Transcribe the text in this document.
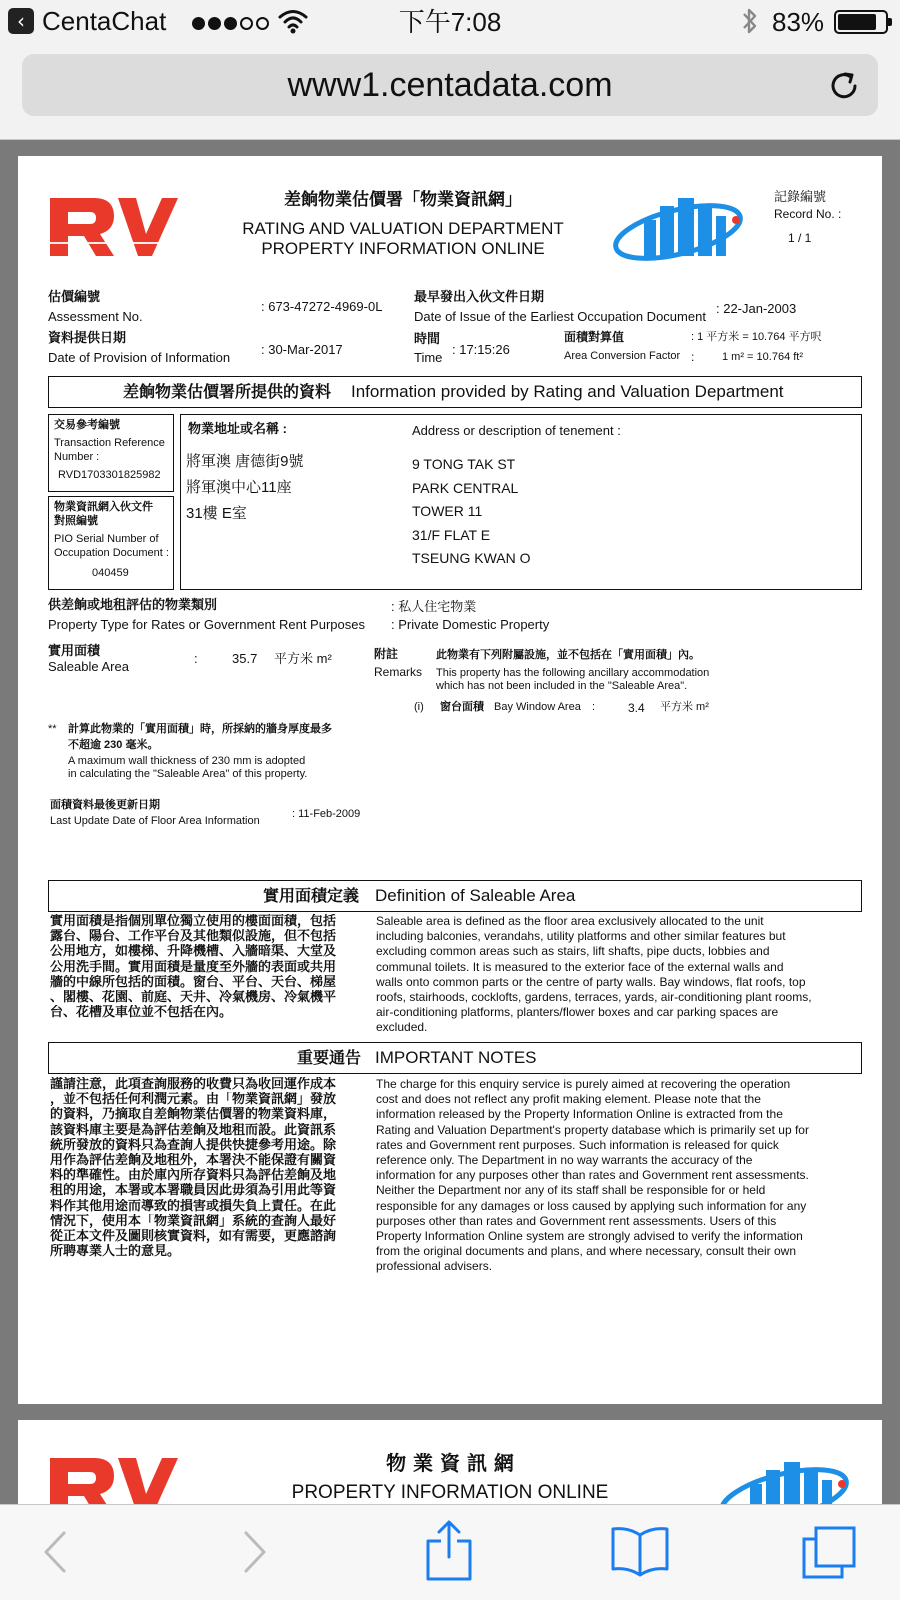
‹ CentaChat	下午7:08	83%
www1.centadata.com
差餉物業估價署「物業資訊網」
RATING AND VALUATION DEPARTMENT
PROPERTY INFORMATION ONLINE
記錄編號
Record No. :
1 / 1
估價編號
Assessment No.
: 673-47272-4969-0L
最早發出入伙文件日期
Date of Issue of the Earliest Occupation Document
: 22-Jan-2003
資料提供日期
Date of Provision of Information
: 30-Mar-2017
時間
Time
: 17:15:26
面積對算值
Area Conversion Factor :
: 1 平方米 = 10.764 平方呎
1 m² = 10.764 ft²
差餉物業估價署所提供的資料 Information provided by Rating and Valuation Department
交易參考編號
Transaction Reference
Number :
RVD1703301825982
物業資訊網入伙文件
對照編號
PIO Serial Number of
Occupation Document :
040459
物業地址或名稱 :	Address or description of tenement :
將軍澳 唐德街9號
將軍澳中心11座
31樓 E室
9 TONG TAK ST
PARK CENTRAL
TOWER 11
31/F FLAT E
TSEUNG KWAN O
供差餉或地租評估的物業類別
Property Type for Rates or Government Rent Purposes
: 私人住宅物業
: Private Domestic Property
實用面積
Saleable Area
:	35.7 平方米 m²	附註
Remarks
此物業有下列附屬設施，並不包括在「實用面積」內。
This property has the following ancillary accommodation
which has not been included in the "Saleable Area".
(i) 窗台面積 Bay Window Area :	3.4 平方米 m²
** 計算此物業的「實用面積」時，所採納的牆身厚度最多
不超逾 230 毫米。
A maximum wall thickness of 230 mm is adopted
in calculating the "Saleable Area" of this property.
面積資料最後更新日期
Last Update Date of Floor Area Information
: 11-Feb-2009
實用面積定義 Definition of Saleable Area
實用面積是指個別單位獨立使用的樓面面積，包括
露台、陽台、工作平台及其他類似設施，但不包括
公用地方，如樓梯、升降機槽、入牆暗渠、大堂及
公用洗手間。實用面積是量度至外牆的表面或共用
牆的中線所包括的面積。窗台、平台、天台、梯屋
、閣樓、花園、前庭、天井、冷氣機房、冷氣機平
台、花槽及車位並不包括在內。
Saleable area is defined as the floor area exclusively allocated to the unit
including balconies, verandahs, utility platforms and other similar features but
excluding common areas such as stairs, lift shafts, pipe ducts, lobbies and
communal toilets. It is measured to the exterior face of the external walls and
walls onto common parts or the centre of party walls. Bay windows, flat roofs, top
roofs, stairhoods, cocklofts, gardens, terraces, yards, air-conditioning plant rooms,
air-conditioning platforms, planters/flower boxes and car parking spaces are
excluded.
重要通告 IMPORTANT NOTES
謹請注意，此項查詢服務的收費只為收回運作成本
，並不包括任何利潤元素。由「物業資訊網」發放
的資料，乃摘取自差餉物業估價署的物業資料庫，
該資料庫主要是為評估差餉及地租而設。此資訊系
統所發放的資料只為查詢人提供快捷參考用途。除
用作為評估差餉及地租外，本署決不能保證有關資
料的準確性。由於庫內所存資料只為評估差餉及地
租的用途，本署或本署職員因此毋須為引用此等資
料作其他用途而導致的損害或損失負上責任。在此
情況下，使用本「物業資訊網」系統的查詢人最好
從正本文件及圖則核實資料，如有需要，更應諮詢
所聘專業人士的意見。
The charge for this enquiry service is purely aimed at recovering the operation
cost and does not reflect any profit making element. Please note that the
information released by the Property Information Online is extracted from the
Rating and Valuation Department's property database which is primarily set up for
rates and Government rent purposes. Such information is released for quick
reference only. The Department in no way warrants the accuracy of the
information for any purposes other than rates and Government rent assessments.
Neither the Department nor any of its staff shall be responsible for or held
responsible for any damages or loss caused by applying such information for any
purposes other than rates and Government rent assessments. Users of this
Property Information Online system are strongly advised to verify the information
from the original documents and plans, and where necessary, consult their own
professional advisers.
物 業 資 訊 網
PROPERTY INFORMATION ONLINE
